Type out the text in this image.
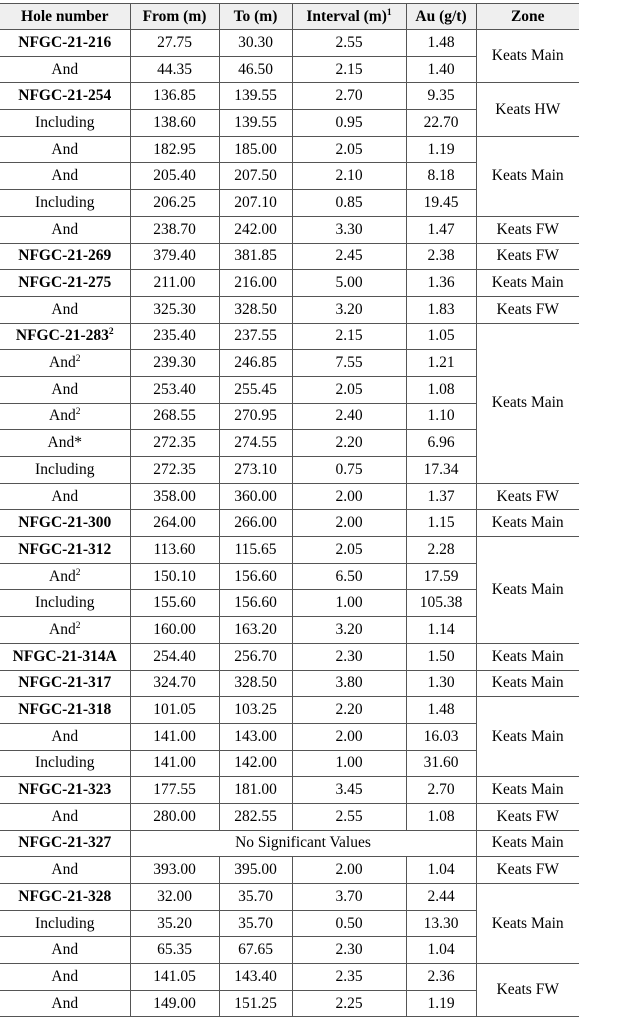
Hole number	From (m)	To (m)	Interval $(m)^1$	Au (g/t)	Zone
NFGC-21-216	27.75	30.30	2.55	1.48	Keats Main
And	44.35	46.50	2.15	1.40	
NFGC-21-254	136.85	139.55	2.70	9.35	Keats HW
Including	138.60	139.55	0.95	22.70	
And	182.95	185.00	2.05	1.19	Keats Main
And	205.40	207.50	2.10	8.18	
Including	206.25	207.10	0.85	19.45	
And	238.70	242.00	3.30	1.47	Keats FW
NFGC-21-269	379.40	381.85	2.45	2.38	Keats FW
NFGC-21-275	211.00	216.00	5.00	1.36	Keats Main
And	325.30	328.50	3.20	1.83	Keats FW
NFGC-$21-283^2$	235.40	237.55	2.15	1.05	Keats Main
And$^2$	239.30	246.85	7.55	1.21	
And	253.40	255.45	2.05	1.08	
And$^2$	268.55	270.95	2.40	1.10	
And*	272.35	274.55	2.20	6.96	
Including	272.35	273.10	0.75	17.34	
And	358.00	360.00	2.00	1.37	Keats FW
NFGC-21-300	264.00	266.00	2.00	1.15	Keats Main
NFGC-21-312	113.60	115.65	2.05	2.28	Keats Main
And$^2$	150.10	156.60	6.50	17.59	
Including	155.60	156.60	1.00	105.38	
And$^2$	160.00	163.20	3.20	1.14	
NFGC-21-314A	254.40	256.70	2.30	1.50	Keats Main
NFGC-21-317	324.70	328.50	3.80	1.30	Keats Main
NFGC-21-318	101.05	103.25	2.20	1.48	Keats Main
And	141.00	143.00	2.00	16.03	
Including	141.00	142.00	1.00	31.60	
NFGC-21-323	177.55	181.00	3.45	2.70	Keats Main
And	280.00	282.55	2.55	1.08	Keats FW
NFGC-21-327	No Significant Values				Keats Main
And	393.00	395.00	2.00	1.04	Keats FW
NFGC-21-328	32.00	35.70	3.70	2.44	Keats Main
Including	35.20	35.70	0.50	13.30	
And	65.35	67.65	2.30	1.04	
And	141.05	143.40	2.35	2.36	Keats FW
And	149.00	151.25	2.25	1.19	
